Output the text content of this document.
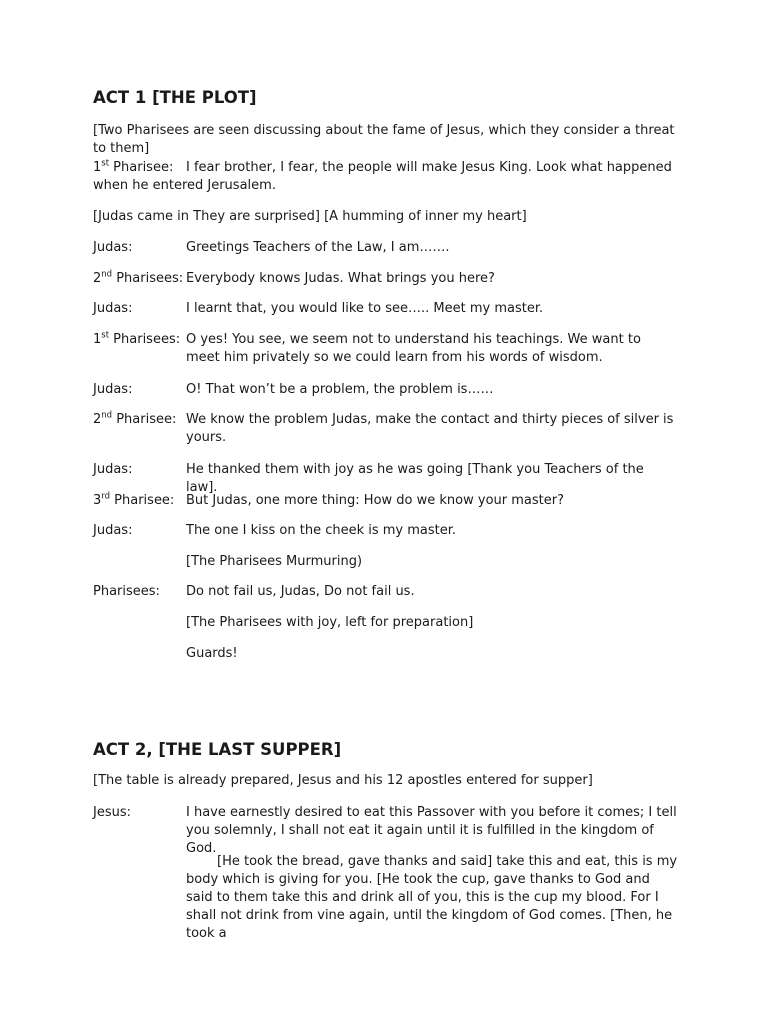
ACT 1 [THE PLOT]
[Two Pharisees are seen discussing about the fame of Jesus, which they consider a threat to them]
1st Pharisee: I fear brother, I fear, the people will make Jesus King. Look what happened when he entered Jerusalem.
[Judas came in They are surprised] [A humming of inner my heart]
Judas:	Greetings Teachers of the Law, I am…….
2nd Pharisees: Everybody knows Judas. What brings you here?
Judas:	I learnt that, you would like to see….. Meet my master.
1st Pharisees: O yes! You see, we seem not to understand his teachings. We want to meet him privately so we could learn from his words of wisdom.
Judas:	O! That won’t be a problem, the problem is……
2nd Pharisee: We know the problem Judas, make the contact and thirty pieces of silver is yours.
Judas:	He thanked them with joy as he was going [Thank you Teachers of the law].
3rd Pharisee: But Judas, one more thing: How do we know your master?
Judas:	The one I kiss on the cheek is my master.
[The Pharisees Murmuring)
Pharisees:	Do not fail us, Judas, Do not fail us.
[The Pharisees with joy, left for preparation]
Guards!
ACT 2, [THE LAST SUPPER]
[The table is already prepared, Jesus and his 12 apostles entered for supper]
Jesus:	I have earnestly desired to eat this Passover with you before it comes; I tell you solemnly, I shall not eat it again until it is fulfilled in the kingdom of God.
[He took the bread, gave thanks and said] take this and eat, this is my body which is giving for you. [He took the cup, gave thanks to God and said to them take this and drink all of you, this is the cup my blood. For I shall not drink from vine again, until the kingdom of God comes. [Then, he took a
